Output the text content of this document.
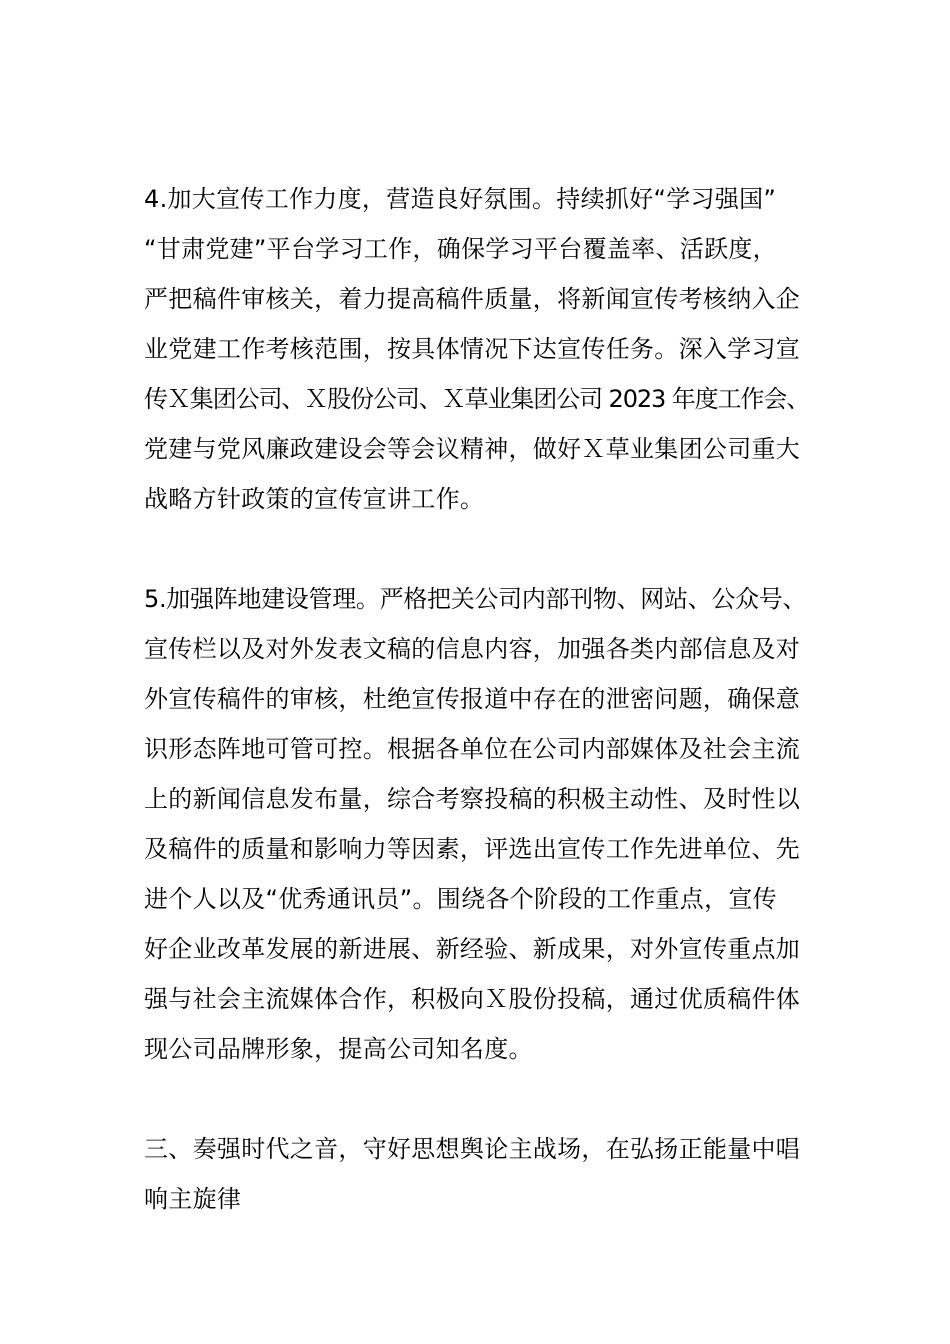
4.加大宣传工作力度，营造良好氛围。持续抓好“学习强国”
“甘肃党建”平台学习工作，确保学习平台覆盖率、活跃度，
严把稿件审核关，着力提高稿件质量，将新闻宣传考核纳入企
业党建工作考核范围，按具体情况下达宣传任务。深入学习宣
传Ｘ集团公司、Ｘ股份公司、Ｘ草业集团公司 2023 年度工作会、
党建与党风廉政建设会等会议精神，做好Ｘ草业集团公司重大
战略方针政策的宣传宣讲工作。
5.加强阵地建设管理。严格把关公司内部刊物、网站、公众号、
宣传栏以及对外发表文稿的信息内容，加强各类内部信息及对
外宣传稿件的审核，杜绝宣传报道中存在的泄密问题，确保意
识形态阵地可管可控。根据各单位在公司内部媒体及社会主流
上的新闻信息发布量，综合考察投稿的积极主动性、及时性以
及稿件的质量和影响力等因素，评选出宣传工作先进单位、先
进个人以及“优秀通讯员”。围绕各个阶段的工作重点，宣传
好企业改革发展的新进展、新经验、新成果，对外宣传重点加
强与社会主流媒体合作，积极向Ｘ股份投稿，通过优质稿件体
现公司品牌形象，提高公司知名度。
三、奏强时代之音，守好思想舆论主战场，在弘扬正能量中唱
响主旋律
